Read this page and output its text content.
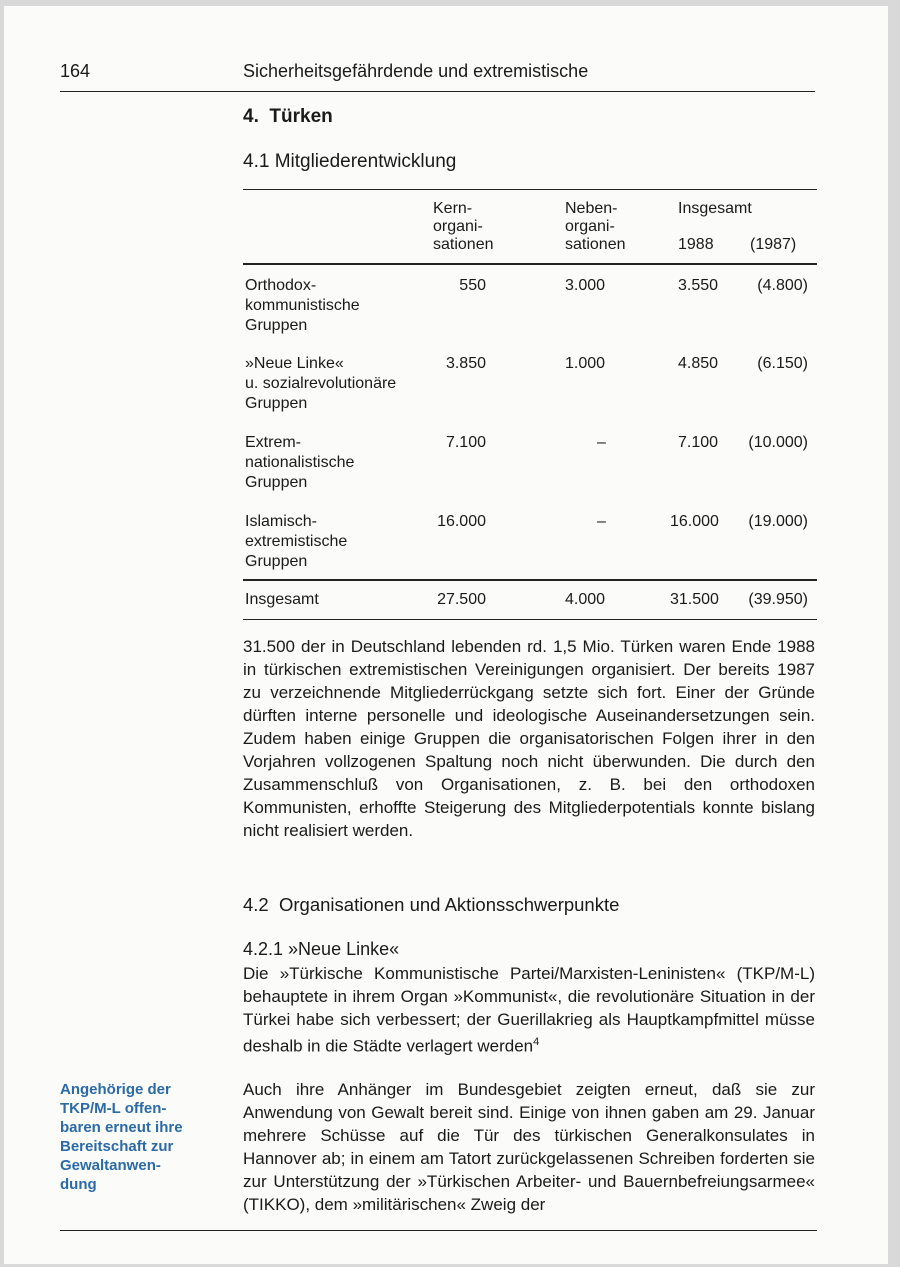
164	Sicherheitsgefährdende und extremistische
4.  Türken
4.1 Mitgliederentwicklung
Kern-
organi-
sationen
Neben-
organi-
sationen
Insgesamt
1988 (1987)
Orthodox-
kommunistische
Gruppen
550	3.000	3.550	(4.800)
»Neue Linke«
u. sozialrevolutionäre
Gruppen
3.850	1.000	4.850	(6.150)
Extrem-
nationalistische
Gruppen
7.100	–	7.100	(10.000)
Islamisch-
extremistische
Gruppen
16.000	–	16.000	(19.000)
Insgesamt	27.500	4.000	31.500	(39.950)
31.500 der in Deutschland lebenden rd. 1,5 Mio. Türken waren Ende 1988 in türkischen extremistischen Vereinigungen organisiert. Der bereits 1987 zu verzeichnende Mitgliederrückgang setzte sich fort. Einer der Gründe dürften interne personelle und ideologische Auseinandersetzungen sein. Zudem haben einige Gruppen die organisatorischen Folgen ihrer in den Vorjahren vollzogenen Spaltung noch nicht überwunden. Die durch den Zusammenschluß von Organisationen, z. B. bei den orthodoxen Kommunisten, erhoffte Steigerung des Mitgliederpotentials konnte bislang nicht realisiert werden.
4.2  Organisationen und Aktionsschwerpunkte
4.2.1 »Neue Linke«
Die »Türkische Kommunistische Partei/Marxisten-Leninisten« (TKP/M-L) behauptete in ihrem Organ »Kommunist«, die revolutionäre Situation in der Türkei habe sich verbessert; der Guerillakrieg als Hauptkampfmittel müsse deshalb in die Städte verlagert werden$^4$
Auch ihre Anhänger im Bundesgebiet zeigten erneut, daß sie zur Anwendung von Gewalt bereit sind. Einige von ihnen gaben am 29. Januar mehrere Schüsse auf die Tür des türkischen Generalkonsulates in Hannover ab; in einem am Tatort zurückgelassenen Schreiben forderten sie zur Unterstützung der »Türkischen Arbeiter- und Bauernbefreiungsarmee« (TIKKO), dem »militärischen« Zweig der
Angehörige der
TKP/M-L offen-
baren erneut ihre
Bereitschaft zur
Gewaltanwen-
dung
